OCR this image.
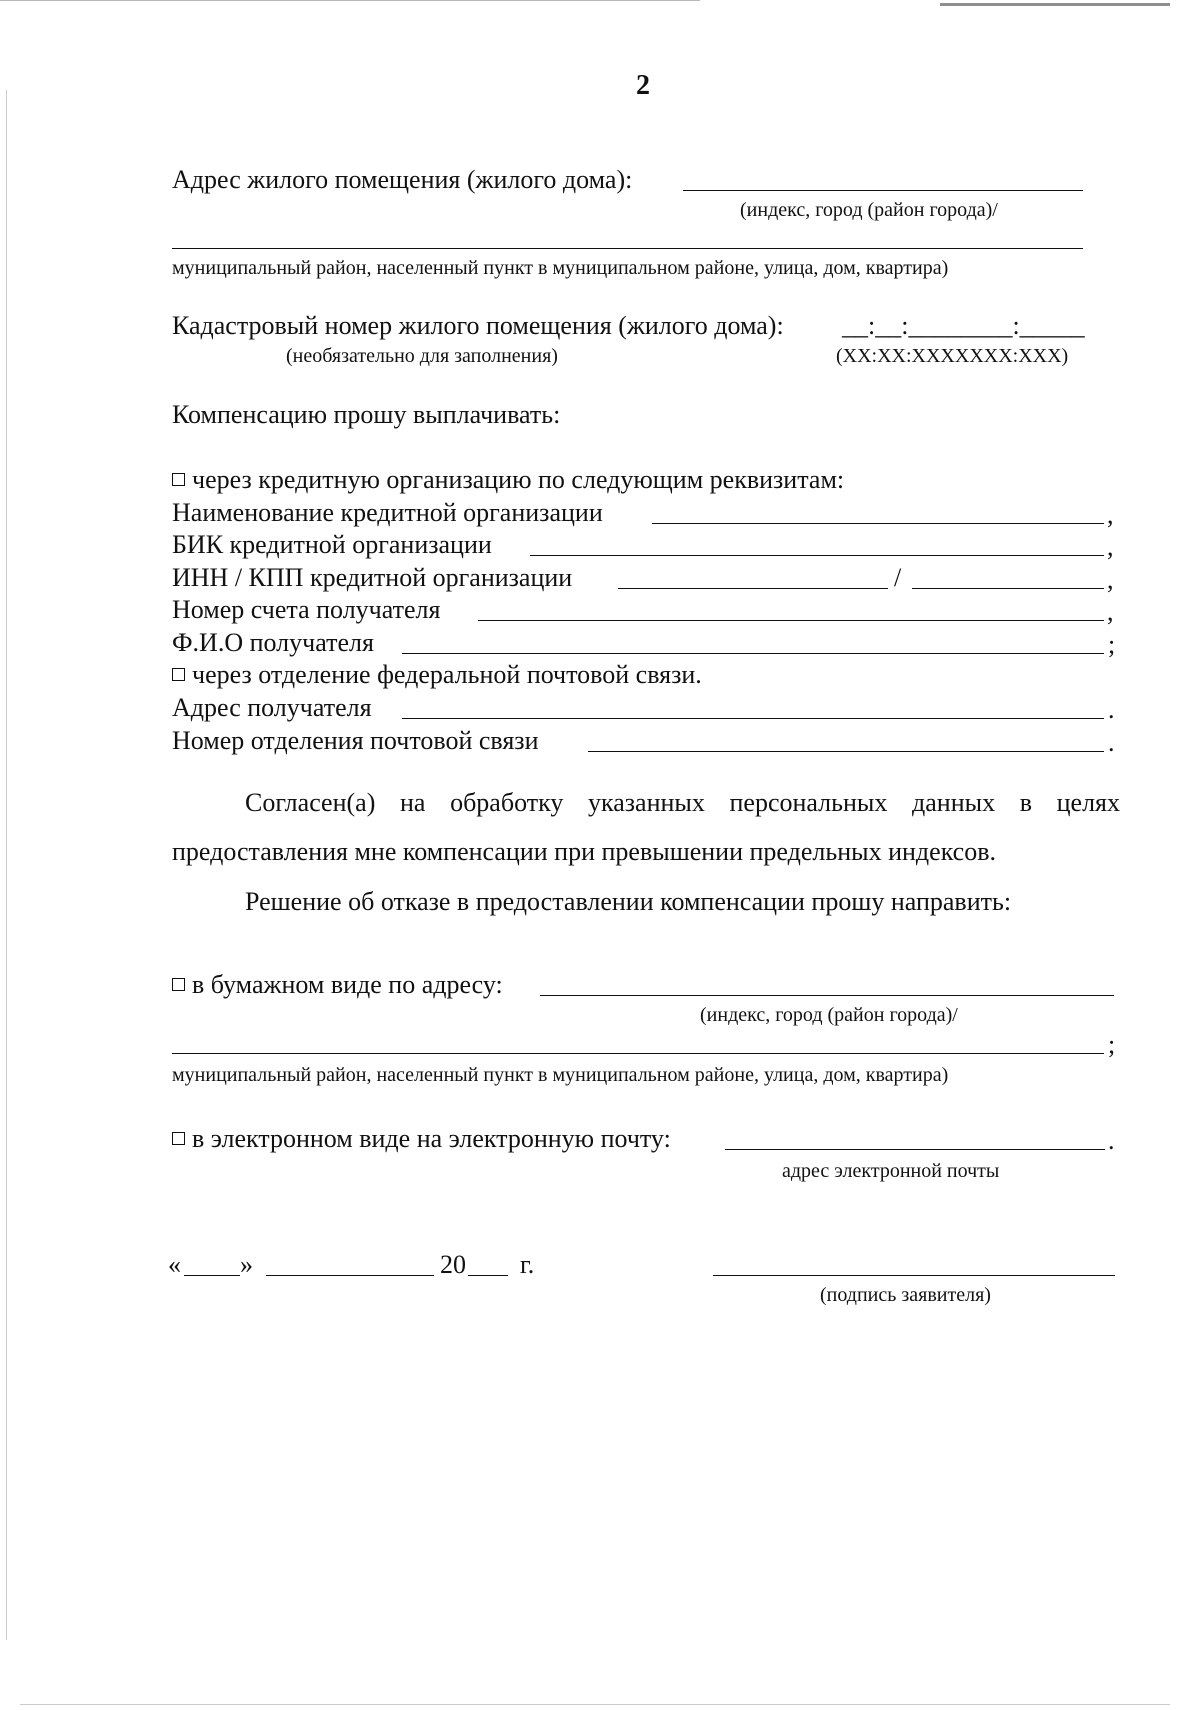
2
Адрес жилого помещения (жилого дома):
(индекс, город (район города)/
муниципальный район, населенный пункт в муниципальном районе, улица, дом, квартира)
Кадастровый номер жилого помещения (жилого дома): __:__:________:_____
(необязательно для заполнения)	(XX:XX:XXXXXXX:XXX)
Компенсацию прошу выплачивать:
через кредитную организацию по следующим реквизитам:
Наименование кредитной организации	,
БИК кредитной организации	,
ИНН / КПП кредитной организации	/	,
Номер счета получателя	,
Ф.И.О получателя	;
через отделение федеральной почтовой связи.
Адрес получателя	.
Номер отделения почтовой связи	.
Согласен(а) на обработку указанных персональных данных в целях
предоставления мне компенсации при превышении предельных индексов.
Решение об отказе в предоставлении компенсации прошу направить:
в бумажном виде по адресу:
(индекс, город (район города)/
;
муниципальный район, населенный пункт в муниципальном районе, улица, дом, квартира)
в электронном виде на электронную почту:	.
адрес электронной почты
« »	20 г.
(подпись заявителя)
